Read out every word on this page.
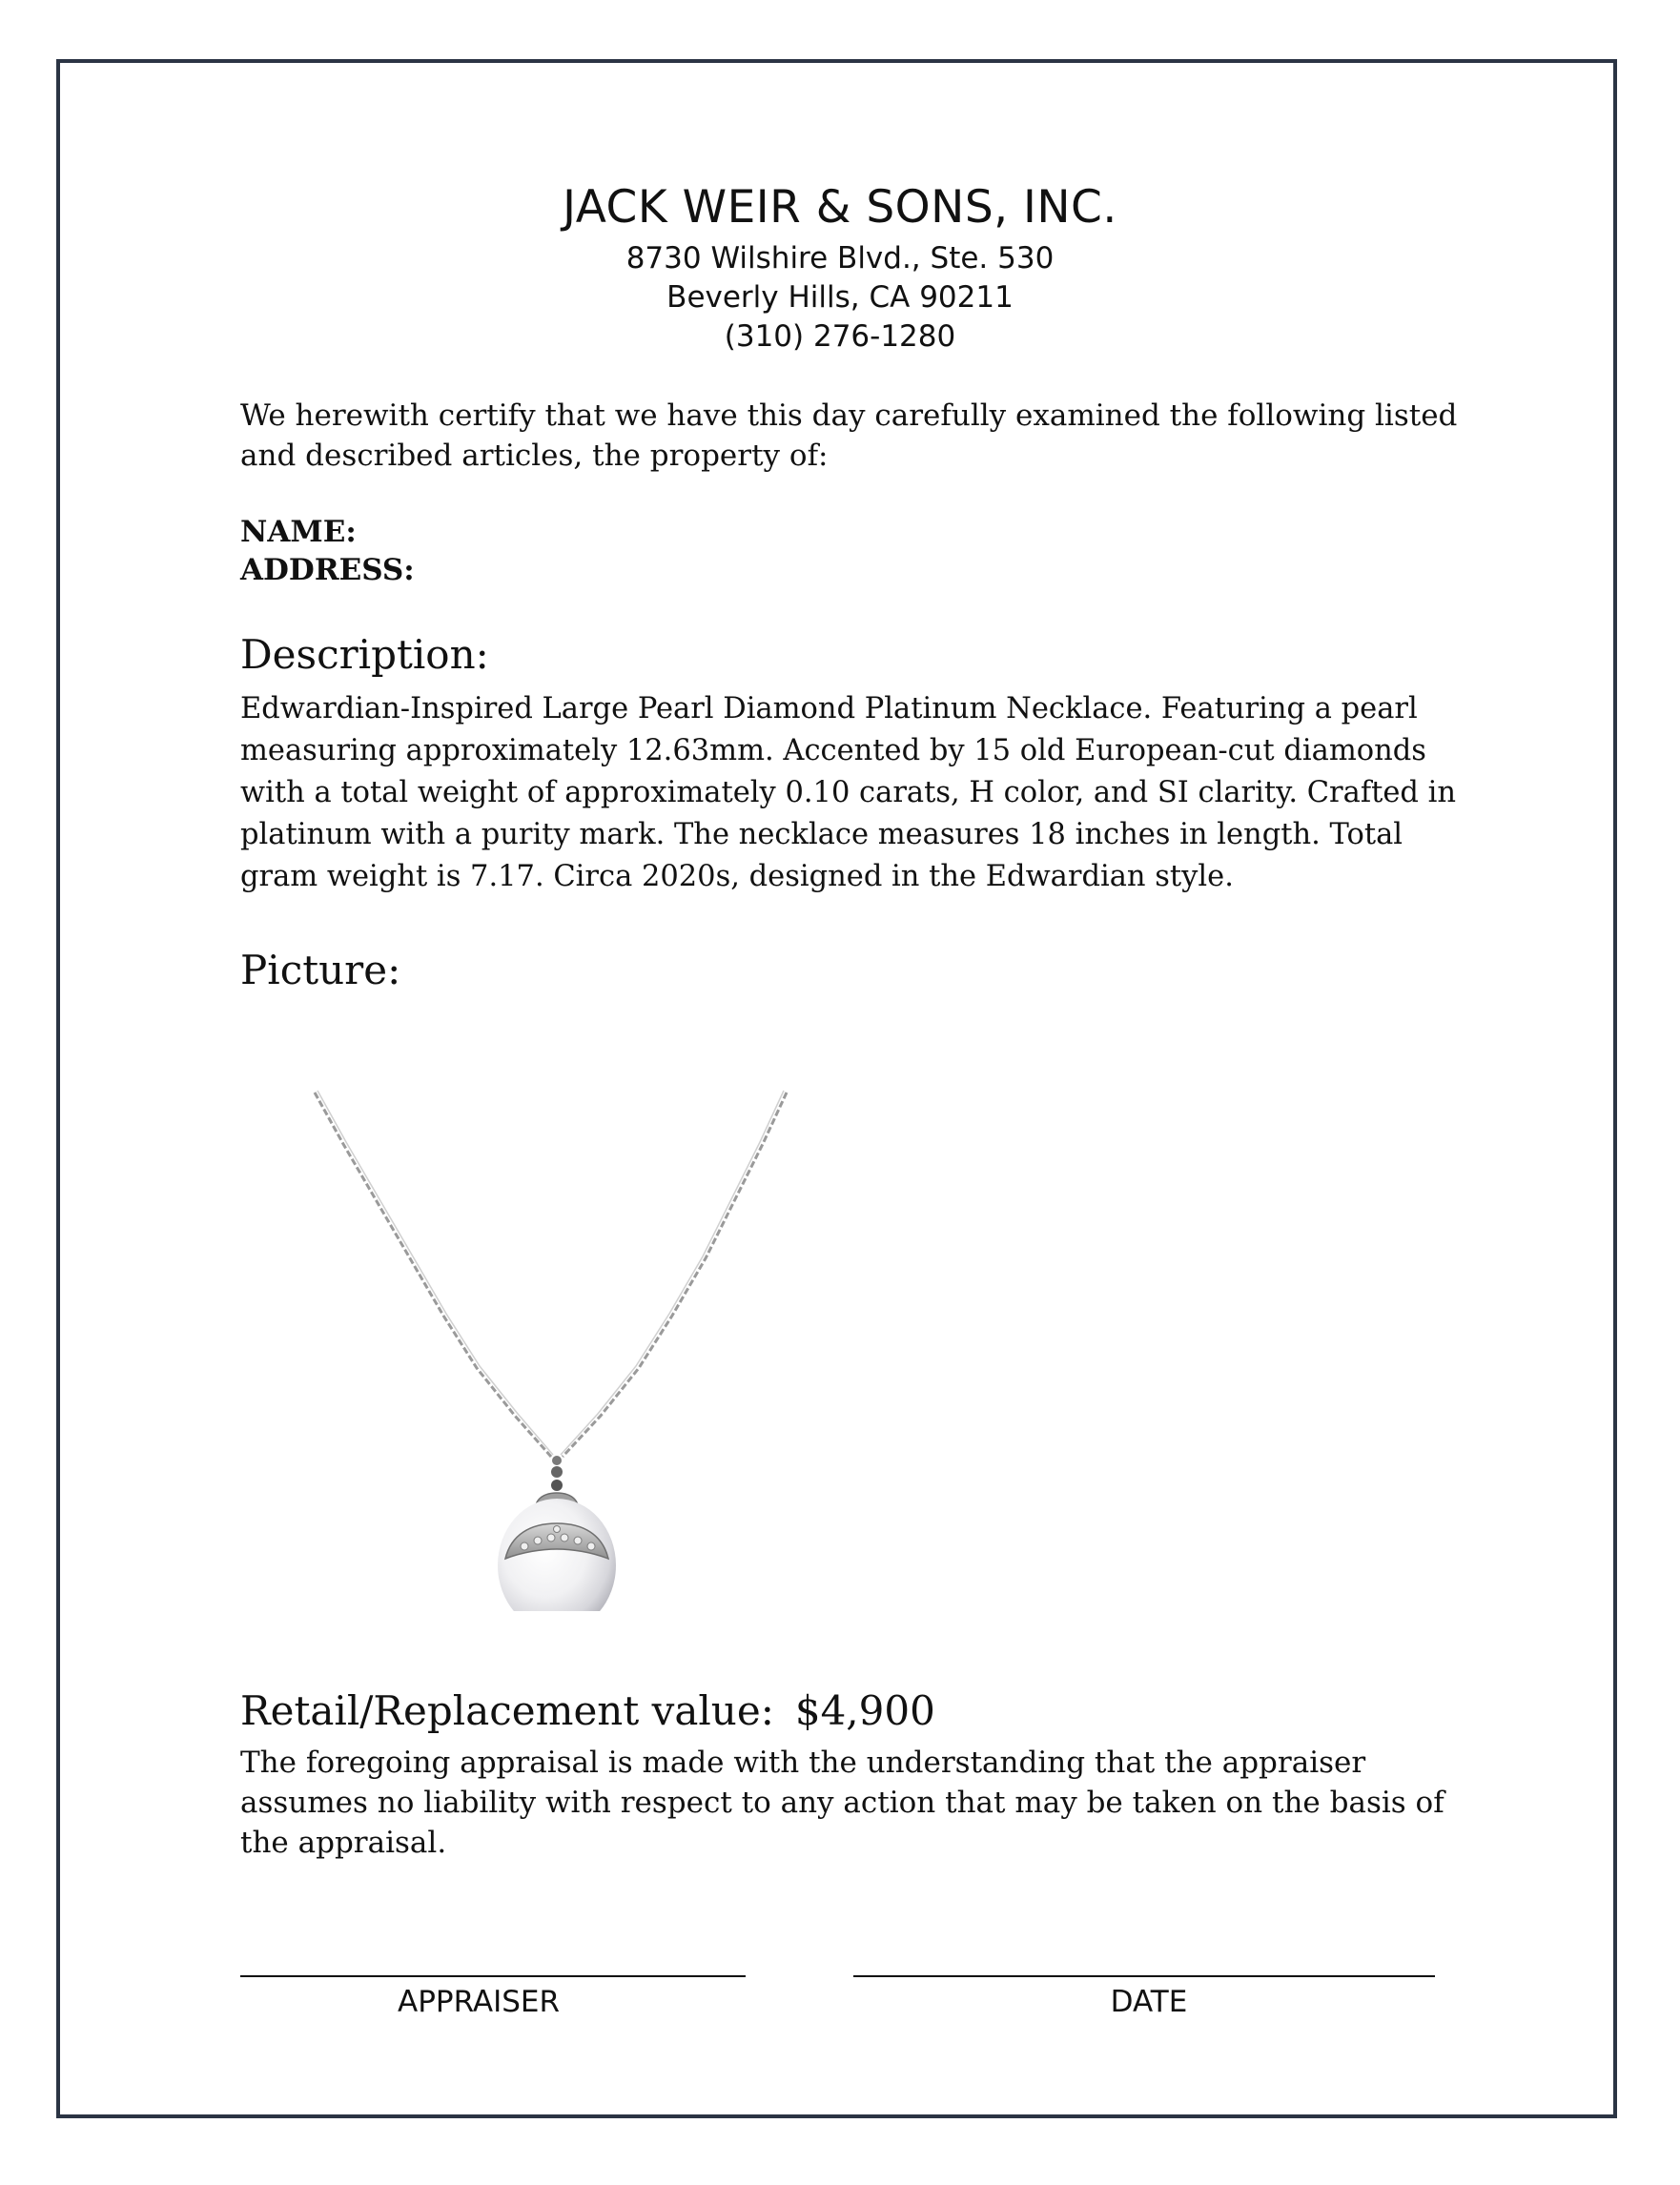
JACK WEIR & SONS, INC.
8730 Wilshire Blvd., Ste. 530
Beverly Hills, CA 90211
(310) 276-1280
We herewith certify that we have this day carefully examined the following listed and described articles, the property of:
NAME:
ADDRESS:
Description:
Edwardian-Inspired Large Pearl Diamond Platinum Necklace. Featuring a pearl measuring approximately 12.63mm. Accented by 15 old European-cut diamonds with a total weight of approximately 0.10 carats, H color, and SI clarity. Crafted in platinum with a purity mark. The necklace measures 18 inches in length. Total gram weight is 7.17. Circa 2020s, designed in the Edwardian style.
Picture:
Retail/Replacement value: $4,900
The foregoing appraisal is made with the understanding that the appraiser assumes no liability with respect to any action that may be taken on the basis of the appraisal.
APPRAISER	DATE
